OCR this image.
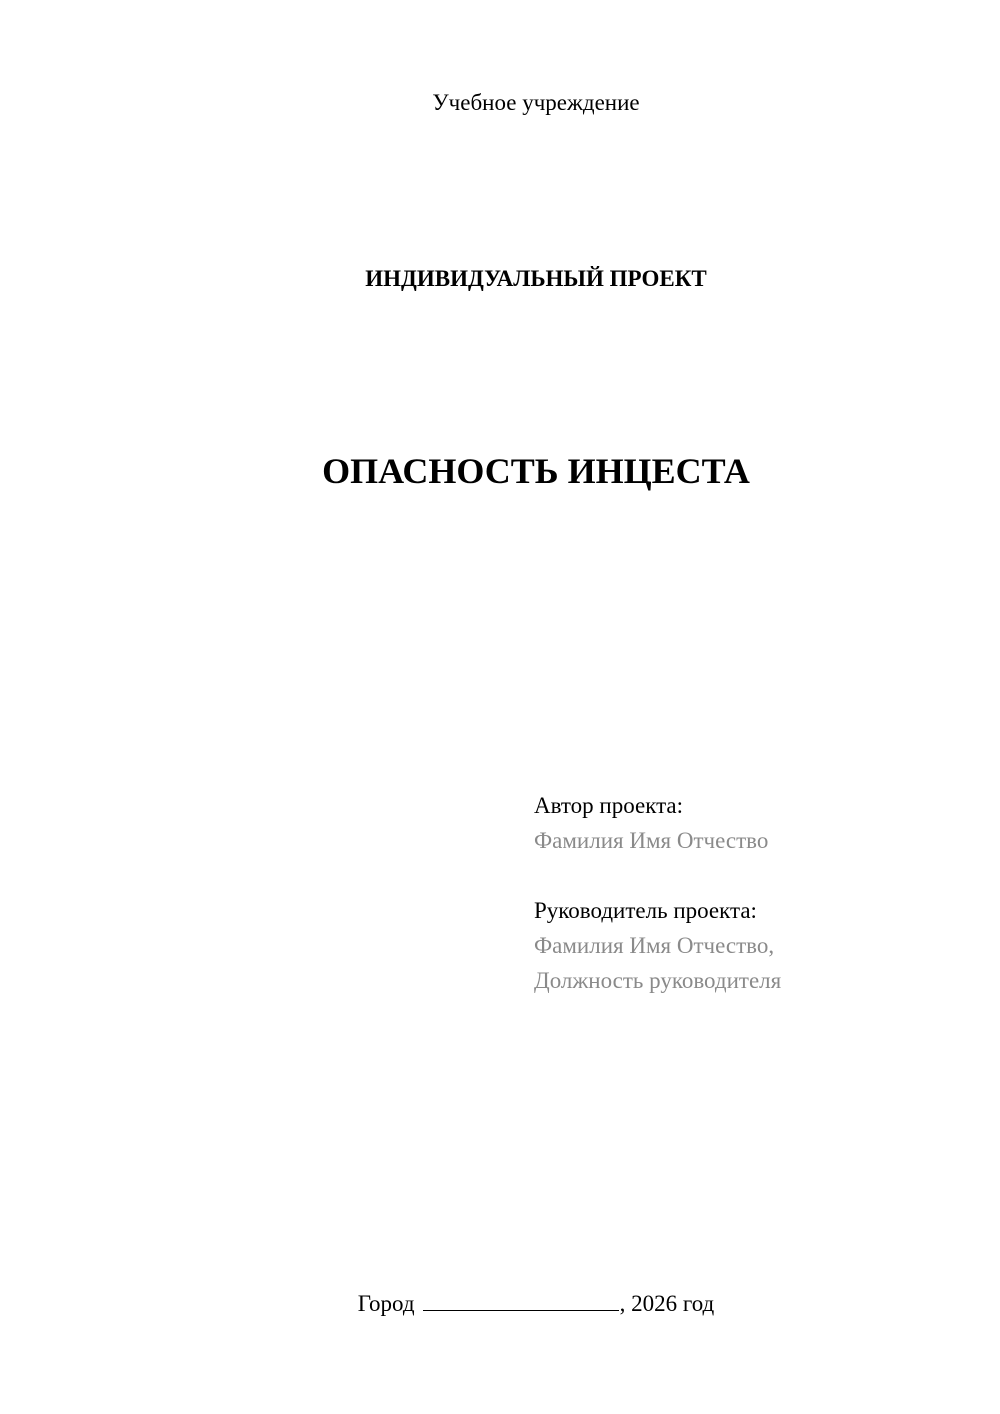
Учебное учреждение
ИНДИВИДУАЛЬНЫЙ ПРОЕКТ
ОПАСНОСТЬ ИНЦЕСТА
Автор проекта:
Фамилия Имя Отчество
Руководитель проекта:
Фамилия Имя Отчество,
Должность руководителя
Город	, 2026 год
